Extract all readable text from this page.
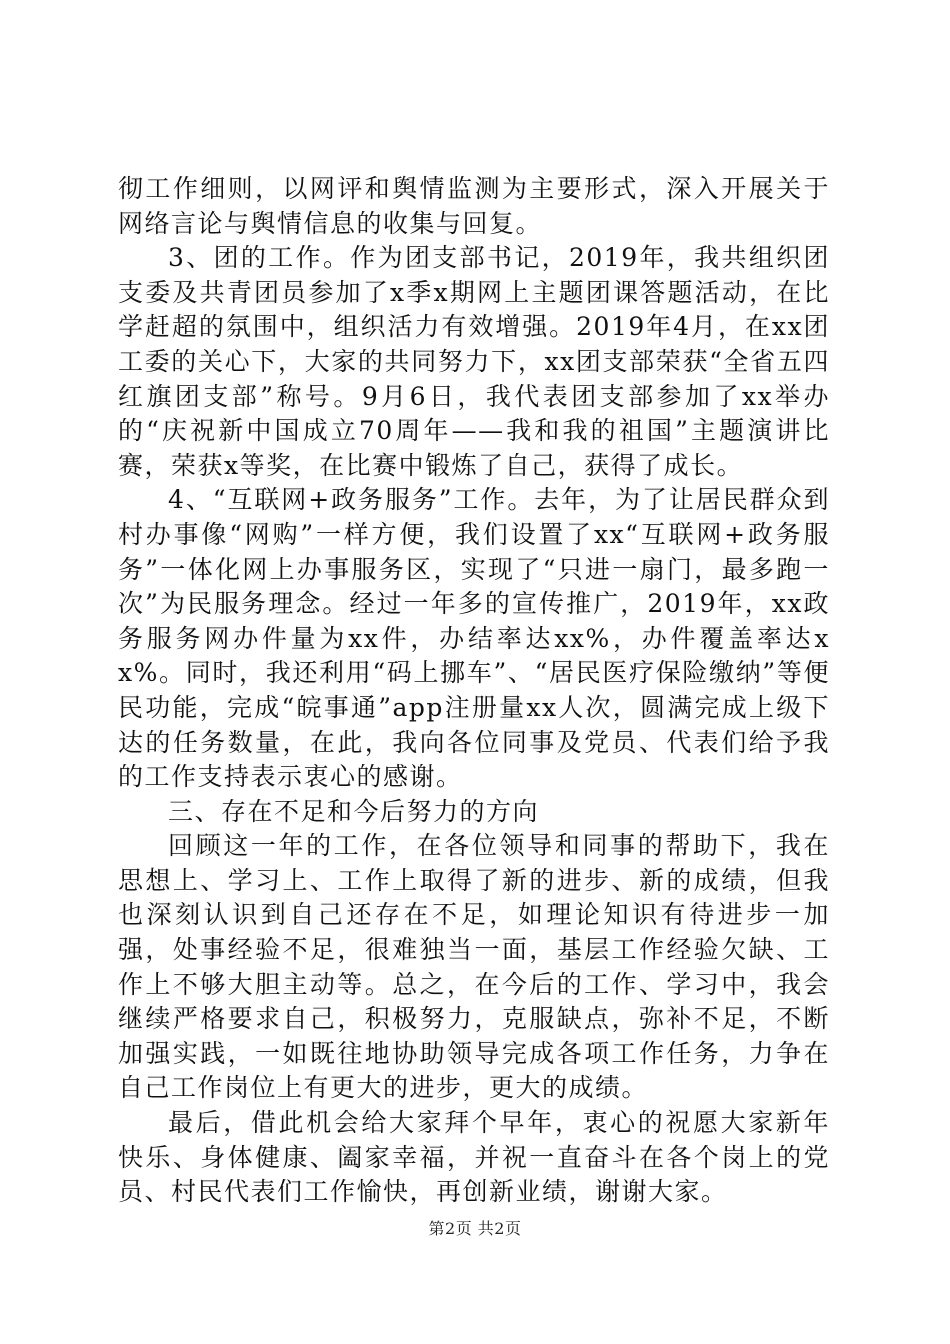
彻工作细则，以网评和舆情监测为主要形式，深入开展关于网络言论与舆情信息的收集与回复。

3、团的工作。作为团支部书记，2019年，我共组织团支委及共青团员参加了x季x期网上主题团课答题活动，在比学赶超的氛围中，组织活力有效增强。2019年4月，在xx团工委的关心下，大家的共同努力下，xx团支部荣获“全省五四红旗团支部”称号。9月6日，我代表团支部参加了xx举办的“庆祝新中国成立70周年——我和我的祖国”主题演讲比赛，荣获x等奖，在比赛中锻炼了自己，获得了成长。

4、“互联网+政务服务”工作。去年，为了让居民群众到村办事像“网购”一样方便，我们设置了xx“互联网+政务服务”一体化网上办事服务区，实现了“只进一扇门，最多跑一次”为民服务理念。经过一年多的宣传推广，2019年，xx政务服务网办件量为xx件，办结率达xx%，办件覆盖率达xx%。同时，我还利用“码上挪车”、“居民医疗保险缴纳”等便民功能，完成“皖事通”app注册量xx人次，圆满完成上级下达的任务数量，在此，我向各位同事及党员、代表们给予我的工作支持表示衷心的感谢。

三、存在不足和今后努力的方向

回顾这一年的工作，在各位领导和同事的帮助下，我在思想上、学习上、工作上取得了新的进步、新的成绩，但我也深刻认识到自己还存在不足，如理论知识有待进步一加强，处事经验不足，很难独当一面，基层工作经验欠缺、工作上不够大胆主动等。总之，在今后的工作、学习中，我会继续严格要求自己，积极努力，克服缺点，弥补不足，不断加强实践，一如既往地协助领导完成各项工作任务，力争在自己工作岗位上有更大的进步，更大的成绩。

最后，借此机会给大家拜个早年，衷心的祝愿大家新年快乐、身体健康、阖家幸福，并祝一直奋斗在各个岗上的党员、村民代表们工作愉快，再创新业绩，谢谢大家。

第2页 共2页
